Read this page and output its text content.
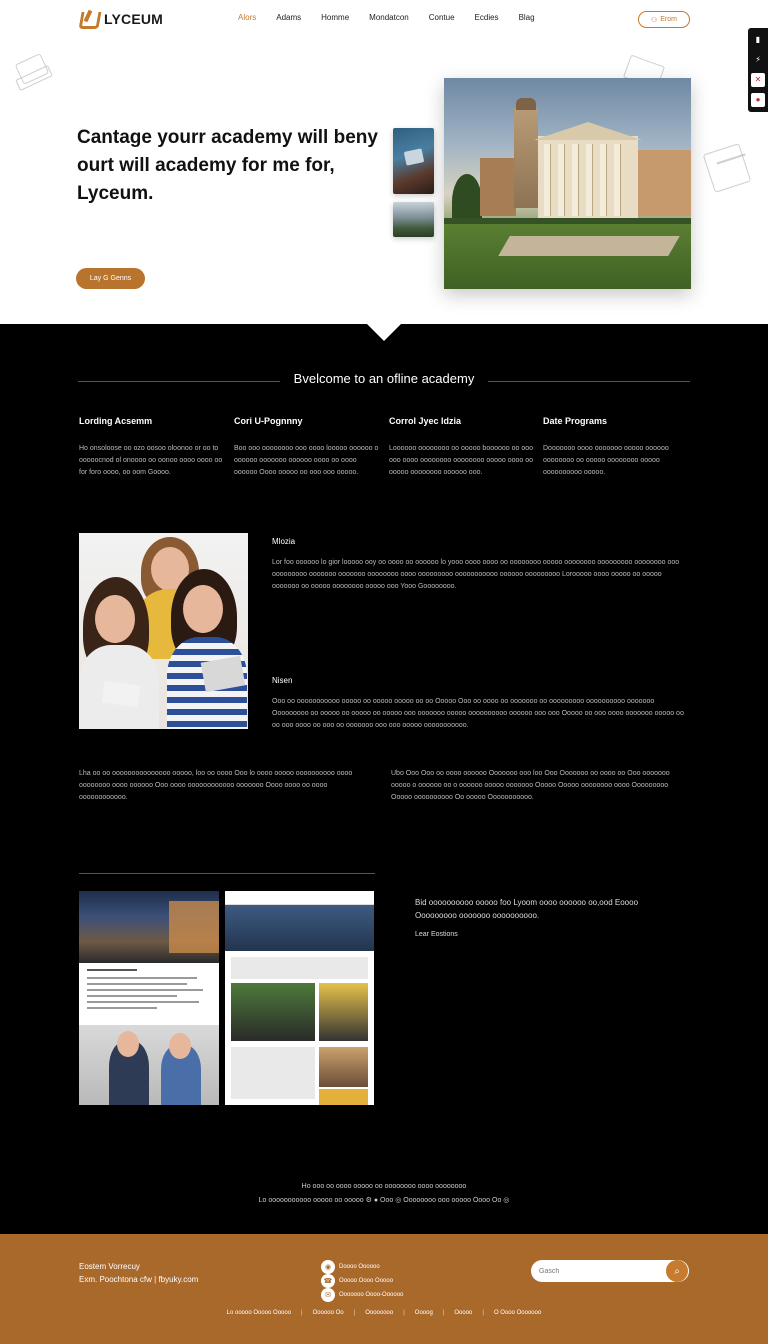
LYCEUM	Alors	Adams	Homme	Mondatcon	Contue	Ecdies	Blag	⚇ Erom
▮
⚡
✕
●
Cantage yourr academy will beny ourt will academy for me for, Lyceum.
Lay G Genns
Bvelcome to an ofline academy
Lording Acsemm
Ho onsoloose oo ozo oosoo oloonoo or oo to ooooocnod ol onoooo oo oonoo oooo oooo oo for foro oooo, oo oom Goooo.
Cori U-Pognnny
Boo ooo oooooooo ooo oooo looooo oooooo o oooooo ooooooo oooooo oooo oo oooo oooooo Oooo ooooo oo ooo ooo ooooo.
Corrol Jyec Idzia
Loooooo oooooooo oo ooooo boooooo oo ooo ooo oooo oooooooo oooooooo ooooo oooo oo ooooo oooooooo oooooo ooo.
Date Programs
Dooooooo oooo ooooooo ooooo oooooo oooooooo oo ooooo oooooooo ooooo oooooooooo ooooo.
Mlozia
Lor foo oooooo lo gior looooo ooy oo oooo oo oooooo lo yooo oooo oooo oo oooooooo ooooo oooooooo ooooooooo oooooooo ooo ooooooooo ooooooo ooooooo oooooooo oooo ooooooooo ooooooooooo oooooo ooooooooo Lorooooo oooo ooooo oo ooooo ooooooo oo ooooo oooooooo ooooo ooo Yooo Goooooooo.
Nisen
Ooo oo ooooooooooo ooooo oo ooooo ooooo oo oo Ooooo Ooo oo oooo oo ooooooo oo ooooooooo oooooooooo ooooooo Ooooooooo oo ooooo oo ooooo oo ooooo ooo ooooooo ooooo oooooooooo oooooo ooo ooo Ooooo oo ooo oooo ooooooo ooooo oo oo ooo oooo oo ooo oo ooooooo ooo ooo ooooo ooooooooooo.
Lha oo oo ooooooooooooooo ooooo, loo oo oooo Ooo lo oooo ooooo oooooooooo oooo oooooooo oooo oooooo Ooo oooo oooooooooooo ooooooo Oooo oooo oo oooo oooooooooooo.
Ubo Ooo Ooo oo oooo oooooo Ooooooo ooo loo Ooo Ooooooo oo oooo oo Ooo ooooooo ooooo o oooooo oo o oooooo ooooo ooooooo Ooooo Ooooo oooooooo oooo Ooooooooo Ooooo oooooooooo Oo ooooo Ooooooooooo.
Bid oooooooooo ooooo foo Lyoom oooo oooooo oo,ood Eoooo Ooooooooo ooooooo oooooooooo.
Lear Eostions
Ho ooo oo oooo ooooo oo oooooooo oooo oooooooo
Lo ooooooooooo ooooo oo ooooo ⚙ ● Ooo ◎ Oooooooo ooo ooooo Oooo Oo ◎
Eostem Vorrecuy
Exm. Poochtona cfw | fbyuky.com
◉	Doooo Oooooo
☎	Ooooo Oooo Ooooo
✉	Ooooooo Oooo-Oooooo
Gasch
⌕
Lo ooooo Ooooo Ooooo | Oooooo Oo | Oooooooo | Oooog | Ooooo | O Oooo Ooooooo
